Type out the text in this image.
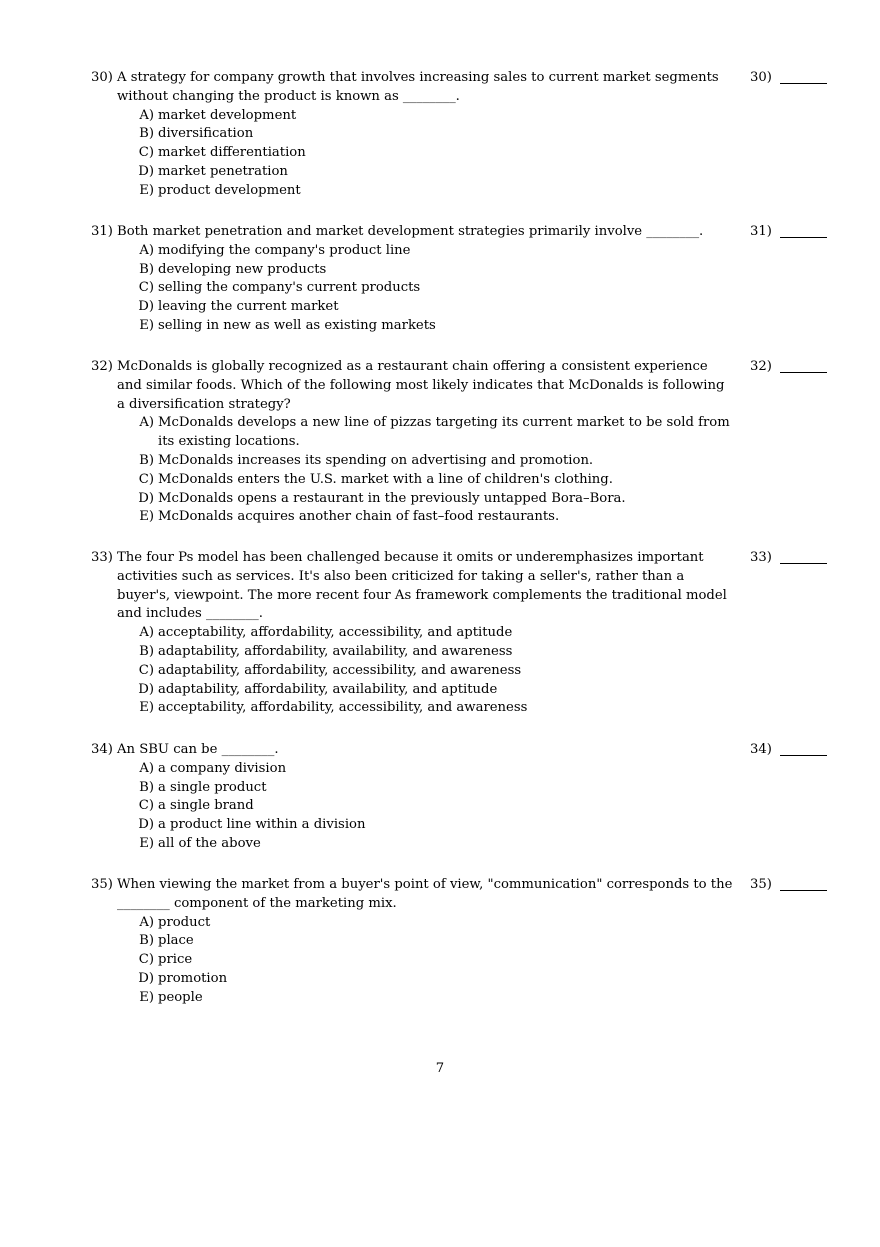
30) A strategy for company growth that involves increasing sales to current market segments without changing the product is known as ________.
30)
A) market development
B) diversification
C) market differentiation
D) market penetration
E) product development
31) Both market penetration and market development strategies primarily involve ________.	31)
A) modifying the company's product line
B) developing new products
C) selling the company's current products
D) leaving the current market
E) selling in new as well as existing markets
32) McDonalds is globally recognized as a restaurant chain offering a consistent experience and similar foods. Which of the following most likely indicates that McDonalds is following a diversification strategy?
32)
A) McDonalds develops a new line of pizzas targeting its current market to be sold from its existing locations.
B) McDonalds increases its spending on advertising and promotion.
C) McDonalds enters the U.S. market with a line of children's clothing.
D) McDonalds opens a restaurant in the previously untapped Bora–Bora.
E) McDonalds acquires another chain of fast–food restaurants.
33) The four Ps model has been challenged because it omits or underemphasizes important activities such as services. It's also been criticized for taking a seller's, rather than a buyer's, viewpoint. The more recent four As framework complements the traditional model and includes ________.
33)
A) acceptability, affordability, accessibility, and aptitude
B) adaptability, affordability, availability, and awareness
C) adaptability, affordability, accessibility, and awareness
D) adaptability, affordability, availability, and aptitude
E) acceptability, affordability, accessibility, and awareness
34) An SBU can be ________.	34)
A) a company division
B) a single product
C) a single brand
D) a product line within a division
E) all of the above
35) When viewing the market from a buyer's point of view, "communication" corresponds to the ________ component of the marketing mix.
35)
A) product
B) place
C) price
D) promotion
E) people
7
